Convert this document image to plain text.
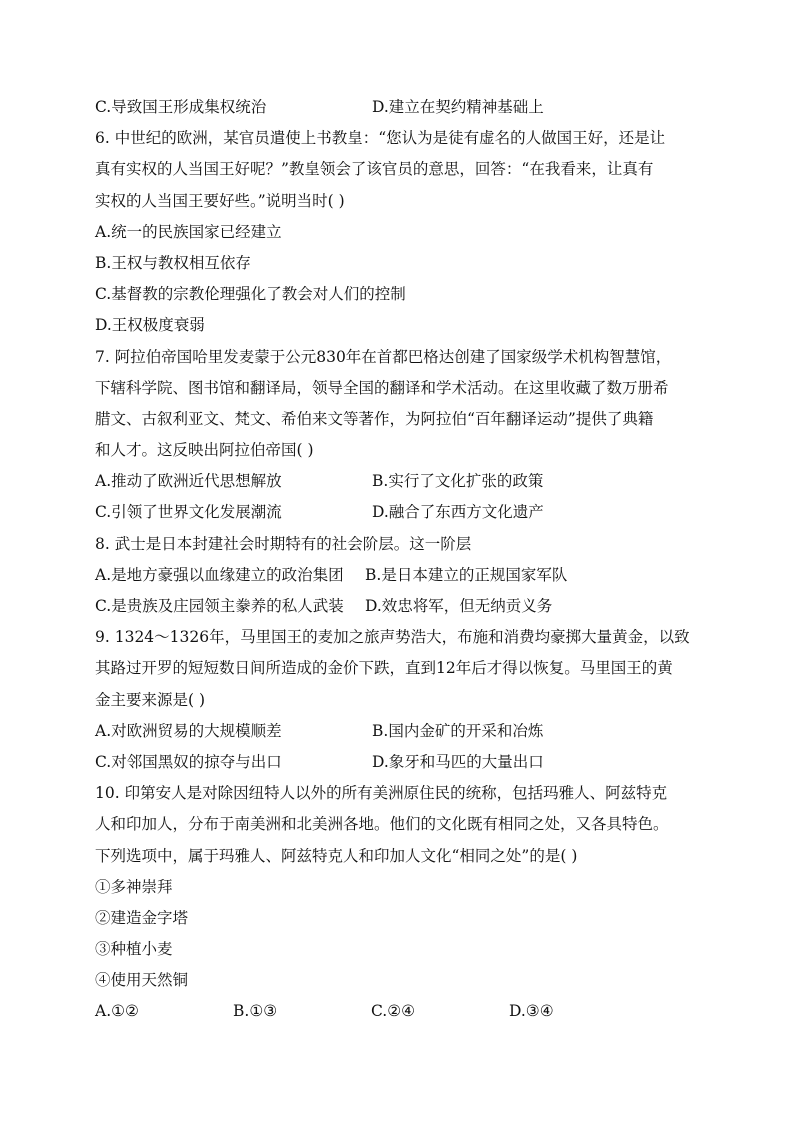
C.导致国王形成集权统治	D.建立在契约精神基础上
6. 中世纪的欧洲，某官员遣使上书教皇：“您认为是徒有虚名的人做国王好，还是让
真有实权的人当国王好呢？”教皇领会了该官员的意思，回答：“在我看来，让真有
实权的人当国王要好些。”说明当时( )
A.统一的民族国家已经建立
B.王权与教权相互依存
C.基督教的宗教伦理强化了教会对人们的控制
D.王权极度衰弱
7. 阿拉伯帝国哈里发麦蒙于公元830年在首都巴格达创建了国家级学术机构智慧馆，
下辖科学院、图书馆和翻译局，领导全国的翻译和学术活动。在这里收藏了数万册希
腊文、古叙利亚文、梵文、希伯来文等著作，为阿拉伯“百年翻译运动”提供了典籍
和人才。这反映出阿拉伯帝国( )
A.推动了欧洲近代思想解放	B.实行了文化扩张的政策
C.引领了世界文化发展潮流	D.融合了东西方文化遗产
8. 武士是日本封建社会时期特有的社会阶层。这一阶层
A.是地方豪强以血缘建立的政治集团 B.是日本建立的正规国家军队
C.是贵族及庄园领主豢养的私人武装 D.效忠将军，但无纳贡义务
9. 1324～1326年，马里国王的麦加之旅声势浩大，布施和消费均豪掷大量黄金，以致
其路过开罗的短短数日间所造成的金价下跌，直到12年后才得以恢复。马里国王的黄
金主要来源是( )
A.对欧洲贸易的大规模顺差	B.国内金矿的开采和冶炼
C.对邻国黑奴的掠夺与出口	D.象牙和马匹的大量出口
10. 印第安人是对除因纽特人以外的所有美洲原住民的统称，包括玛雅人、阿兹特克
人和印加人，分布于南美洲和北美洲各地。他们的文化既有相同之处，又各具特色。
下列选项中，属于玛雅人、阿兹特克人和印加人文化“相同之处”的是( )
①多神崇拜
②建造金字塔
③种植小麦
④使用天然铜
A.①②	B.①③	C.②④	D.③④
